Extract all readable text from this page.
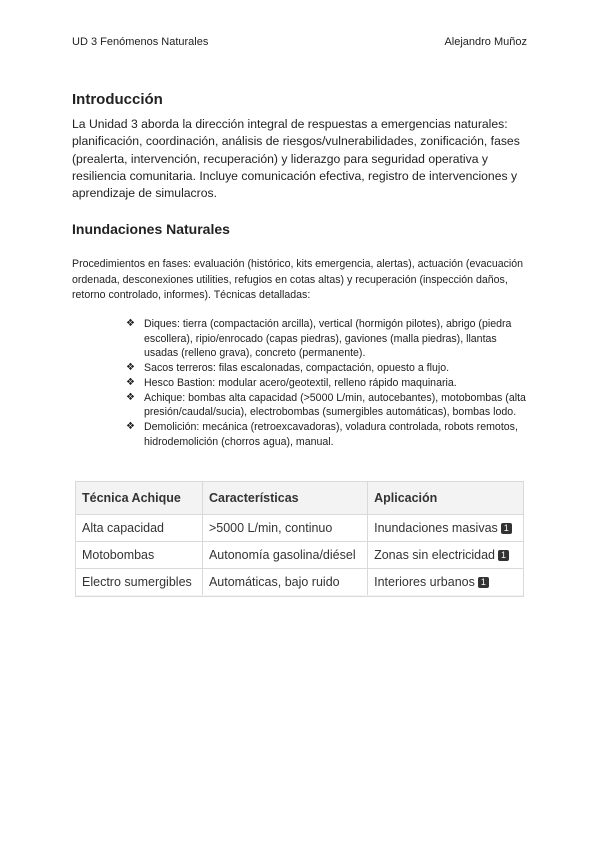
UD 3 Fenómenos Naturales	Alejandro Muñoz
Introducción

La Unidad 3 aborda la dirección integral de respuestas a emergencias naturales: planificación, coordinación, análisis de riesgos/vulnerabilidades, zonificación, fases (prealerta, intervención, recuperación) y liderazgo para seguridad operativa y resiliencia comunitaria. Incluye comunicación efectiva, registro de intervenciones y aprendizaje de simulacros.

Inundaciones Naturales

Procedimientos en fases: evaluación (histórico, kits emergencia, alertas), actuación (evacuación ordenada, desconexiones utilities, refugios en cotas altas) y recuperación (inspección daños, retorno controlado, informes). Técnicas detalladas:

❖ Diques: tierra (compactación arcilla), vertical (hormigón pilotes), abrigo (piedra escollera), ripio/enrocado (capas piedras), gaviones (malla piedras), llantas usadas (relleno grava), concreto (permanente).
❖ Sacos terreros: filas escalonadas, compactación, opuesto a flujo.
❖ Hesco Bastion: modular acero/geotextil, relleno rápido maquinaria.
❖ Achique: bombas alta capacidad (>5000 L/min, autocebantes), motobombas (alta presión/caudal/sucia), electrobombas (sumergibles automáticas), bombas lodo.
❖ Demolición: mecánica (retroexcavadoras), voladura controlada, robots remotos, hidrodemolición (chorros agua), manual.
Técnica Achique	Características	Aplicación
Alta capacidad	>5000 L/min, continuo	Inundaciones masivas 1
Motobombas	Autonomía gasolina/diésel	Zonas sin electricidad 1
Electro sumergibles	Automáticas, bajo ruido	Interiores urbanos 1
